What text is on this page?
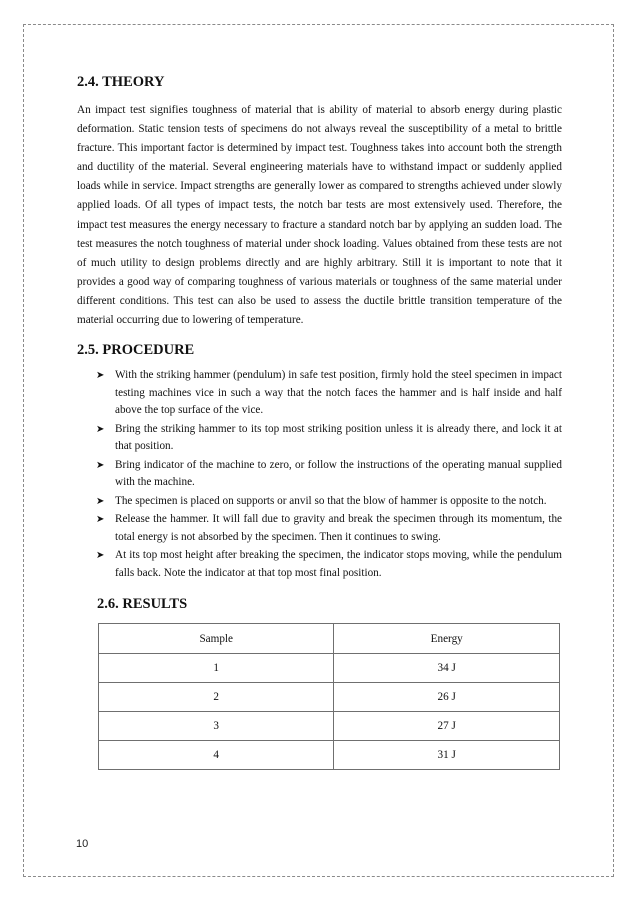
2.4. THEORY

An impact test signifies toughness of material that is ability of material to absorb energy during plastic deformation. Static tension tests of specimens do not always reveal the susceptibility of a metal to brittle fracture. This important factor is determined by impact test. Toughness takes into account both the strength and ductility of the material. Several engineering materials have to withstand impact or suddenly applied loads while in service. Impact strengths are generally lower as compared to strengths achieved under slowly applied loads. Of all types of impact tests, the notch bar tests are most extensively used. Therefore, the impact test measures the energy necessary to fracture a standard notch bar by applying an sudden load. The test measures the notch toughness of material under shock loading. Values obtained from these tests are not of much utility to design problems directly and are highly arbitrary. Still it is important to note that it provides a good way of comparing toughness of various materials or toughness of the same material under different conditions. This test can also be used to assess the ductile brittle transition temperature of the material occurring due to lowering of temperature.

2.5. PROCEDURE
➤ With the striking hammer (pendulum) in safe test position, firmly hold the steel specimen in impact testing machines vice in such a way that the notch faces the hammer and is half inside and half above the top surface of the vice.
➤ Bring the striking hammer to its top most striking position unless it is already there, and lock it at that position.
➤ Bring indicator of the machine to zero, or follow the instructions of the operating manual supplied with the machine.
➤ The specimen is placed on supports or anvil so that the blow of hammer is opposite to the notch.
➤ Release the hammer. It will fall due to gravity and break the specimen through its momentum, the total energy is not absorbed by the specimen. Then it continues to swing.
➤ At its top most height after breaking the specimen, the indicator stops moving, while the pendulum falls back. Note the indicator at that top most final position.
2.6. RESULTS
Sample	Energy
1	34 J
2	26 J
3	27 J
4	31 J
10
